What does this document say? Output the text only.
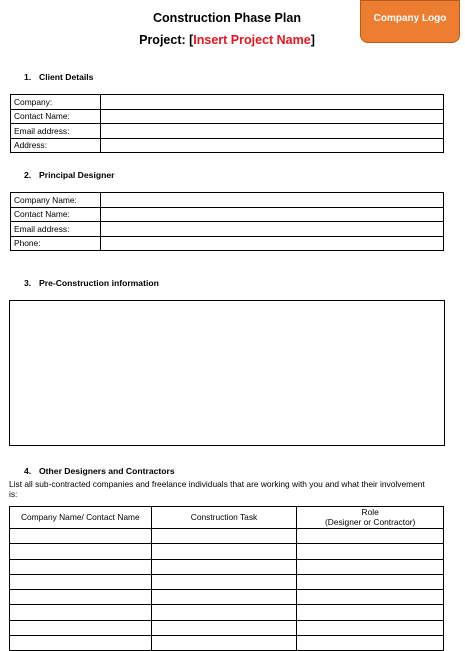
Construction Phase Plan
Project: [Insert Project Name]
Company Logo
1. Client Details
Company:	
Contact Name:	
Email address:	
Address:	
2. Principal Designer
Company Name:	
Contact Name:	
Email address:	
Phone:	
3. Pre-Construction information
4. Other Designers and Contractors
List all sub-contracted companies and freelance individuals that are working with you and what their involvement is:
Company Name/ Contact Name	Construction Task	Role
(Designer or Contractor)
